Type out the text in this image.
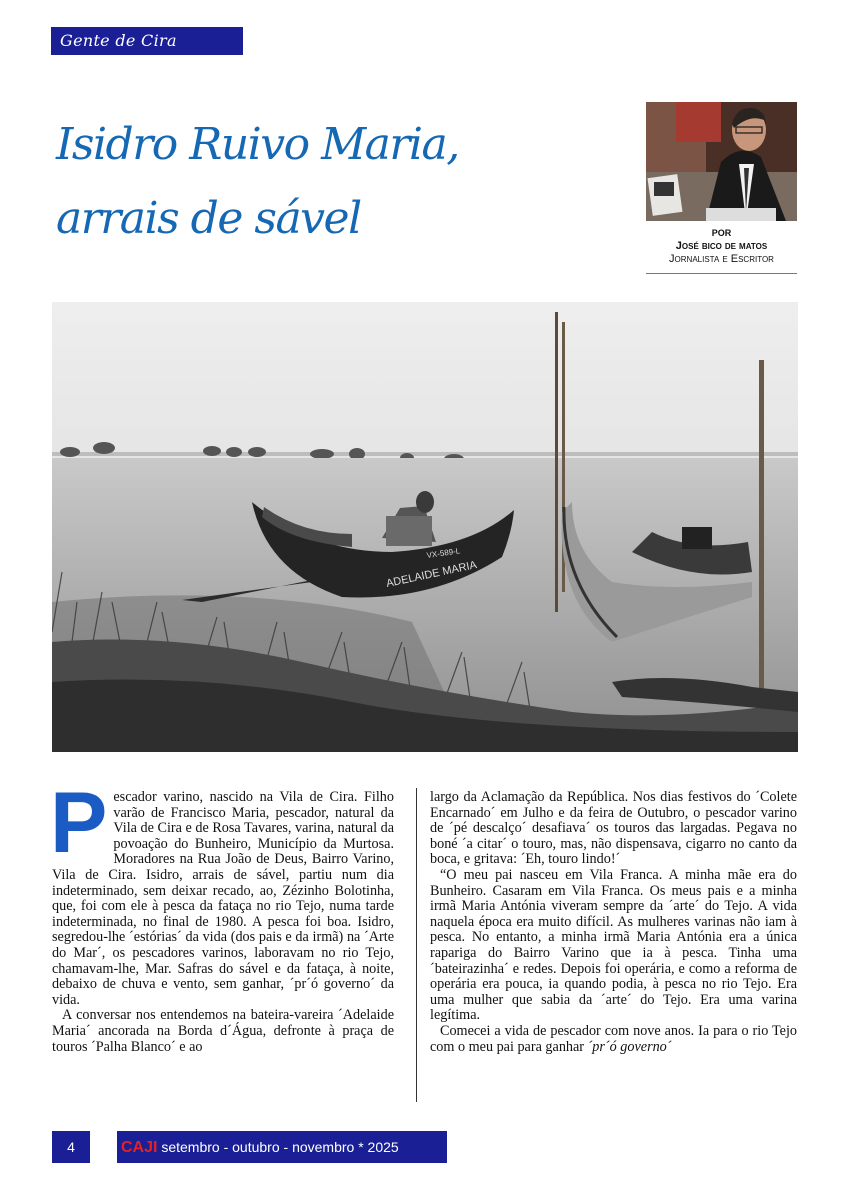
Gente de Cira
Isidro Ruivo Maria,
arrais de sável	POR
José bico de matos
Jornalista e Escritor
ADELAIDE MARIA
VX-589-L

Pescador varino, nascido na Vila de Cira. Filho varão de Francisco Maria, pescador, natural da Vila de Cira e de Rosa Tavares, varina, natural da povoação do Bunheiro, Município da Murtosa. Moradores na Rua João de Deus, Bairro Varino, Vila de Cira. Isidro, arrais de sável, partiu num dia indeterminado, sem deixar recado, ao, Zézinho Bolotinha, que, foi com ele à pesca da fataça no rio Tejo, numa tarde indeterminada, no final de 1980. A pesca foi boa. Isidro, segredou-lhe ´estórias´ da vida (dos pais e da irmã) na ´Arte do Mar´, os pescadores varinos, laboravam no rio Tejo, chamavam-lhe, Mar. Safras do sável e da fataça, à noite, debaixo de chuva e vento, sem ganhar, ´pr´ó governo´ da vida.

A conversar nos entendemos na bateira-vareira ´Adelaide Maria´ ancorada na Borda d´Água, defronte à praça de touros ´Palha Blanco´ e ao

largo da Aclamação da República. Nos dias festivos do ´Colete Encarnado´ em Julho e da feira de Outubro, o pescador varino de ´pé descalço´ desafiava´ os touros das largadas. Pegava no boné ´a citar´ o touro, mas, não dispensava, cigarro no canto da boca, e gritava: ´Eh, touro lindo!´

“O meu pai nasceu em Vila Franca. A minha mãe era do Bunheiro. Casaram em Vila Franca. Os meus pais e a minha irmã Maria Antónia viveram sempre da ´arte´ do Tejo. A vida naquela época era muito difícil. As mulheres varinas não iam à pesca. No entanto, a minha irmã Maria Antónia era a única rapariga do Bairro Varino que ia à pesca. Tinha uma ´bateirazinha´ e redes. Depois foi operária, e como a reforma de operária era pouca, ia quando podia, à pesca no rio Tejo. Era uma mulher que sabia da ´arte´ do Tejo. Era uma varina legítima.

Comecei a vida de pescador com nove anos. Ia para o rio Tejo com o meu pai para ganhar ´pr´ó governo´

4	CAJI setembro - outubro - novembro * 2025
